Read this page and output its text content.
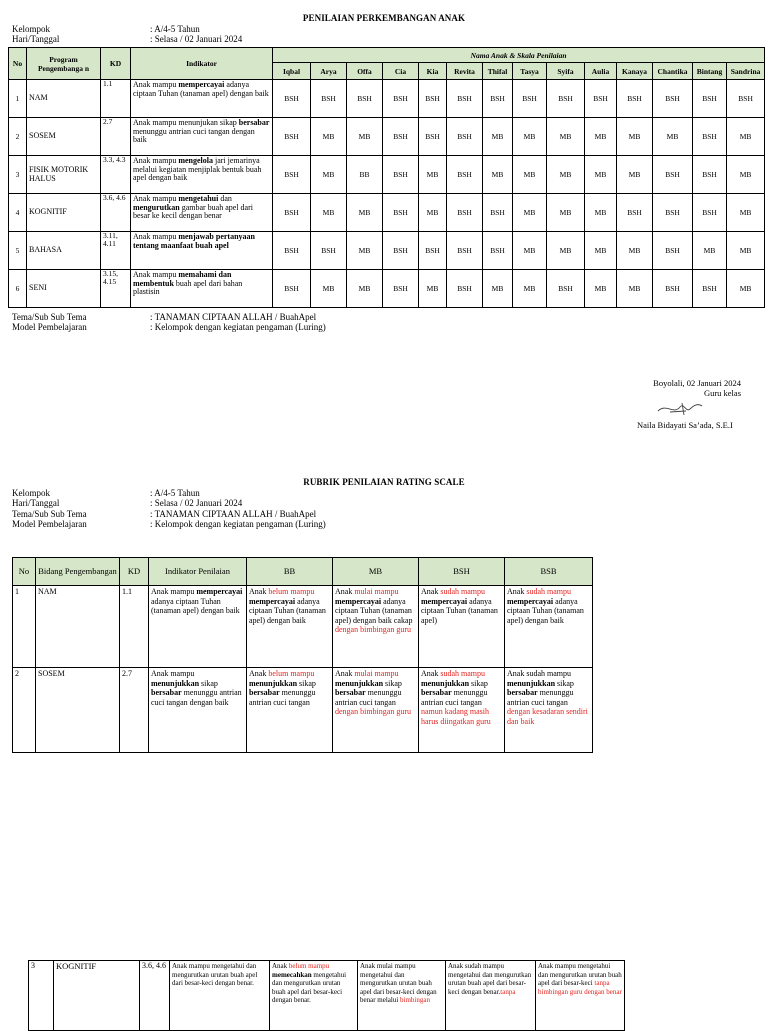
PENILAIAN PERKEMBANGAN ANAK
Kelompok	: A/4-5 Tahun
Hari/Tanggal	: Selasa / 02 Januari 2024
No	Program Pengembanga n	KD	Indikator	Nama Anak & Skala Penilaian													
				Iqbal	Arya	Offa	Cia	Kia	Revita	Thifal	Tasya	Syifa	Aulia	Kanaya	Chantika	Bintang	Sandrina
1	NAM	1.1	Anak mampu mempercayai adanya ciptaan Tuhan (tanaman apel) dengan baik	BSH	BSH	BSH	BSH	BSH	BSH	BSH	BSH	BSH	BSH	BSH	BSH	BSH	BSH
2	SOSEM	2.7	Anak mampu menunjukan sikap bersabar menunggu antrian cuci tangan dengan baik	BSH	MB	MB	BSH	BSH	BSH	MB	MB	MB	MB	MB	MB	BSH	MB
3	FISIK MOTORIK HALUS	3.3, 4.3	Anak mampu mengelola jari jemarinya melalui kegiatan menjiplak bentuk buah apel dengan baik	BSH	MB	BB	BSH	MB	BSH	MB	MB	MB	MB	MB	BSH	BSH	MB
4	KOGNITIF	3.6, 4.6	Anak mampu mengetahui dan mengurutkan gambar buah apel dari besar ke kecil dengan benar	BSH	MB	MB	BSH	MB	BSH	BSH	MB	MB	MB	BSH	BSH	BSH	MB
5	BAHASA	3.11, 4.11	Anak mampu menjawab pertanyaan tentang maanfaat buah apel	BSH	BSH	MB	BSH	BSH	BSH	BSH	MB	MB	MB	MB	BSH	MB	MB
6	SENI	3.15, 4.15	Anak mampu memahami dan membentuk buah apel dari bahan plastisin	BSH	MB	MB	BSH	MB	BSH	MB	MB	BSH	MB	MB	BSH	BSH	MB
Tema/Sub Sub Tema	: TANAMAN CIPTAAN ALLAH / BuahApel
Model Pembelajaran	: Kelompok dengan kegiatan pengaman (Luring)
Boyolali, 02 Januari 2024
Guru kelas
Naila Bidayati Sa’ada, S.E.I
RUBRIK PENILAIAN RATING SCALE
Kelompok	: A/4-5 Tahun
Hari/Tanggal	: Selasa / 02 Januari 2024
Tema/Sub Sub Tema	: TANAMAN CIPTAAN ALLAH / BuahApel
Model Pembelajaran	: Kelompok dengan kegiatan pengaman (Luring)
No	Bidang Pengembangan	KD	Indikator Penilaian	BB	MB	BSH	BSB
1	NAM	1.1	Anak mampu mempercayai adanya ciptaan Tuhan (tanaman apel) dengan baik	Anak belum mampu mempercayai adanya ciptaan Tuhan (tanaman apel) dengan baik	Anak mulai mampu mempercayai adanya ciptaan Tuhan (tanaman apel) dengan baik cakap dengan bimbingan guru	Anak sudah mampu mempercayai adanya ciptaan Tuhan (tanaman apel)	Anak sudah mampu mempercayai adanya ciptaan Tuhan (tanaman apel) dengan baik
2	SOSEM	2.7	Anak mampu menunjukkan sikap bersabar menunggu antrian cuci tangan dengan baik	Anak belum mampu menunjukkan sikap bersabar menunggu antrian cuci tangan	Anak mulai mampu menunjukkan sikap bersabar menunggu antrian cuci tangan dengan bimbingan guru	Anak sudah mampu menunjukkan sikap bersabar menunggu antrian cuci tangan namun kadang masih harus diingatkan guru	Anak sudah mampu menunjukkan sikap bersabar menunggu antrian cuci tangan dengan kesadaran sendiri dan baik
3	KOGNITIF	3.6, 4.6	Anak mampu mengetahui dan mengurutkan urutan buah apel dari besar-keci dengan benar.	Anak belum mampu memecahkan mengetahui dan mengurutkan urutan buah apel dari besar-keci dengan benar.	Anak mulai mampu mengetahui dan mengurutkan urutan buah apel dari besar-keci dengan benar melalui bimbingan	Anak sudah mampu mengetahui dan mengurutkan urutan buah apel dari besar-keci dengan benar.tanpa	Anak mampu mengetahui dan mengurutkan urutan buah apel dari besar-keci tanpa bimbingan guru dengan benar
